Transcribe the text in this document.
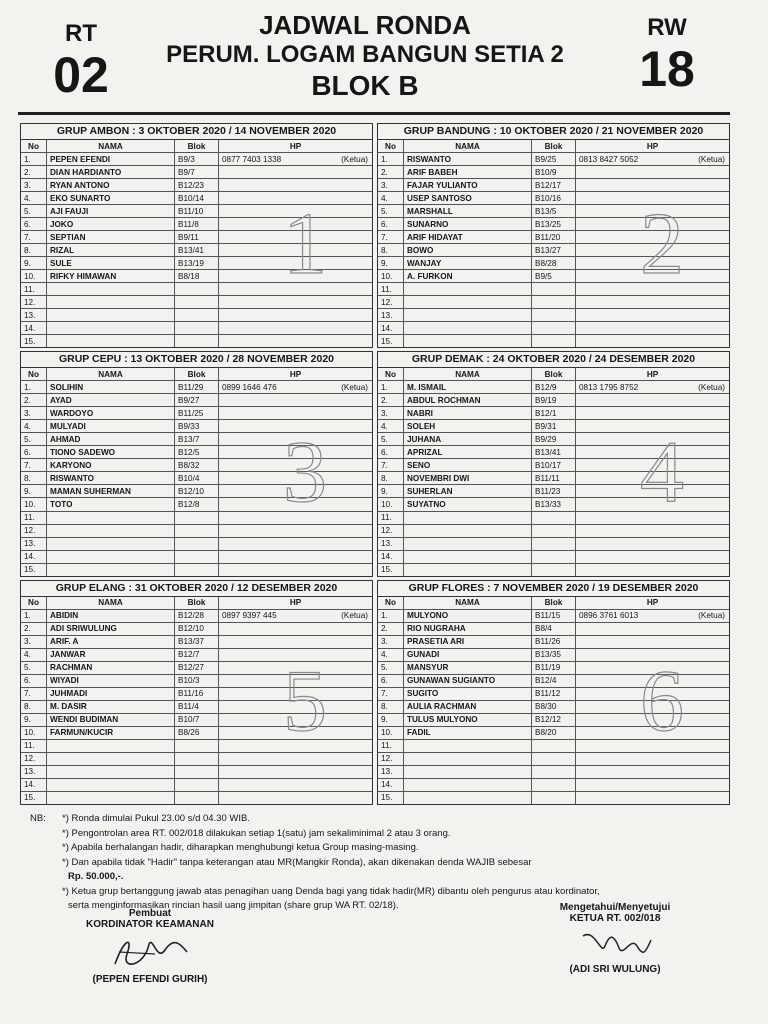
RT
02
JADWAL RONDA
PERUM. LOGAM BANGUN SETIA 2
BLOK B
RW
18
GRUP AMBON : 3 OKTOBER 2020 / 14 NOVEMBER 2020
No	NAMA	Blok	HP
1.	PEPEN EFENDI	B9/3	0877 7403 1338	(Ketua)
2.	DIAN HARDIANTO	B9/7
3.	RYAN ANTONO	B12/23
4.	EKO SUNARTO	B10/14
5.	AJI FAUJI	B11/10
6.	JOKO	B11/8
7.	SEPTIAN	B9/11
8.	RIZAL	B13/41
9.	SULE	B13/19
10.	RIFKY HIMAWAN	B8/18
11.
12.
13.
14.
15.
1
GRUP BANDUNG : 10 OKTOBER 2020 / 21 NOVEMBER 2020
No	NAMA	Blok	HP
1.	RISWANTO	B9/25	0813 8427 5052	(Ketua)
2.	ARIF BABEH	B10/9
3.	FAJAR YULIANTO	B12/17
4.	USEP SANTOSO	B10/16
5.	MARSHALL	B13/5
6.	SUNARNO	B13/25
7.	ARIF HIDAYAT	B11/20
8.	BOWO	B13/27
9.	WANJAY	B8/28
10.	A. FURKON	B9/5
11.
12.
13.
14.
15.
2
GRUP CEPU : 13 OKTOBER 2020 / 28 NOVEMBER 2020
No	NAMA	Blok	HP
1.	SOLIHIN	B11/29	0899 1646 476	(Ketua)
2.	AYAD	B9/27
3.	WARDOYO	B11/25
4.	MULYADI	B9/33
5.	AHMAD	B13/7
6.	TIONO SADEWO	B12/5
7.	KARYONO	B8/32
8.	RISWANTO	B10/4
9.	MAMAN SUHERMAN	B12/10
10.	TOTO	B12/8
11.
12.
13.
14.
15.
3
GRUP DEMAK : 24 OKTOBER 2020 / 24 DESEMBER 2020
No	NAMA	Blok	HP
1.	M. ISMAIL	B12/9	0813 1795 8752	(Ketua)
2.	ABDUL ROCHMAN	B9/19
3.	NABRI	B12/1
4.	SOLEH	B9/31
5.	JUHANA	B9/29
6.	APRIZAL	B13/41
7.	SENO	B10/17
8.	NOVEMBRI DWI	B11/11
9.	SUHERLAN	B11/23
10.	SUYATNO	B13/33
11.
12.
13.
14.
15.
4
GRUP ELANG : 31 OKTOBER 2020 / 12 DESEMBER 2020
No	NAMA	Blok	HP
1.	ABIDIN	B12/28	0897 9397 445	(Ketua)
2.	ADI SRIWULUNG	B12/10
3.	ARIF. A	B13/37
4.	JANWAR	B12/7
5.	RACHMAN	B12/27
6.	WIYADI	B10/3
7.	JUHMADI	B11/16
8.	M. DASIR	B11/4
9.	WENDI BUDIMAN	B10/7
10.	FARMUN/KUCIR	B8/26
11.
12.
13.
14.
15.
5
GRUP FLORES : 7 NOVEMBER 2020 / 19 DESEMBER 2020
No	NAMA	Blok	HP
1.	MULYONO	B11/15	0896 3761 6013	(Ketua)
2.	RIO NUGRAHA	B8/4
3.	PRASETIA ARI	B11/26
4.	GUNADI	B13/35
5.	MANSYUR	B11/19
6.	GUNAWAN SUGIANTO	B12/4
7.	SUGITO	B11/12
8.	AULIA RACHMAN	B8/30
9.	TULUS MULYONO	B12/12
10.	FADIL	B8/20
11.
12.
13.
14.
15.
6
NB: *) Ronda dimulai Pukul 23.00 s/d 04.30 WIB.
*) Pengontrolan area RT. 002/018 dilakukan setiap 1(satu) jam sekaliminimal 2 atau 3 orang.
*) Apabila berhalangan hadir, diharapkan menghubungi ketua Group masing-masing.
*) Dan apabila tidak "Hadir" tanpa keterangan atau MR(Mangkir Ronda), akan dikenakan denda WAJIB sebesar
Rp. 50.000,-.
*) Ketua grup bertanggung jawab atas penagihan uang Denda bagi yang tidak hadir(MR) dibantu oleh pengurus atau kordinator,
serta menginformasikan rincian hasil uang jimpitan (share grup WA RT. 02/18).
Pembuat
KORDINATOR KEAMANAN
(PEPEN EFENDI GURIH)
Mengetahui/Menyetujui
KETUA RT. 002/018
(ADI SRI WULUNG)
